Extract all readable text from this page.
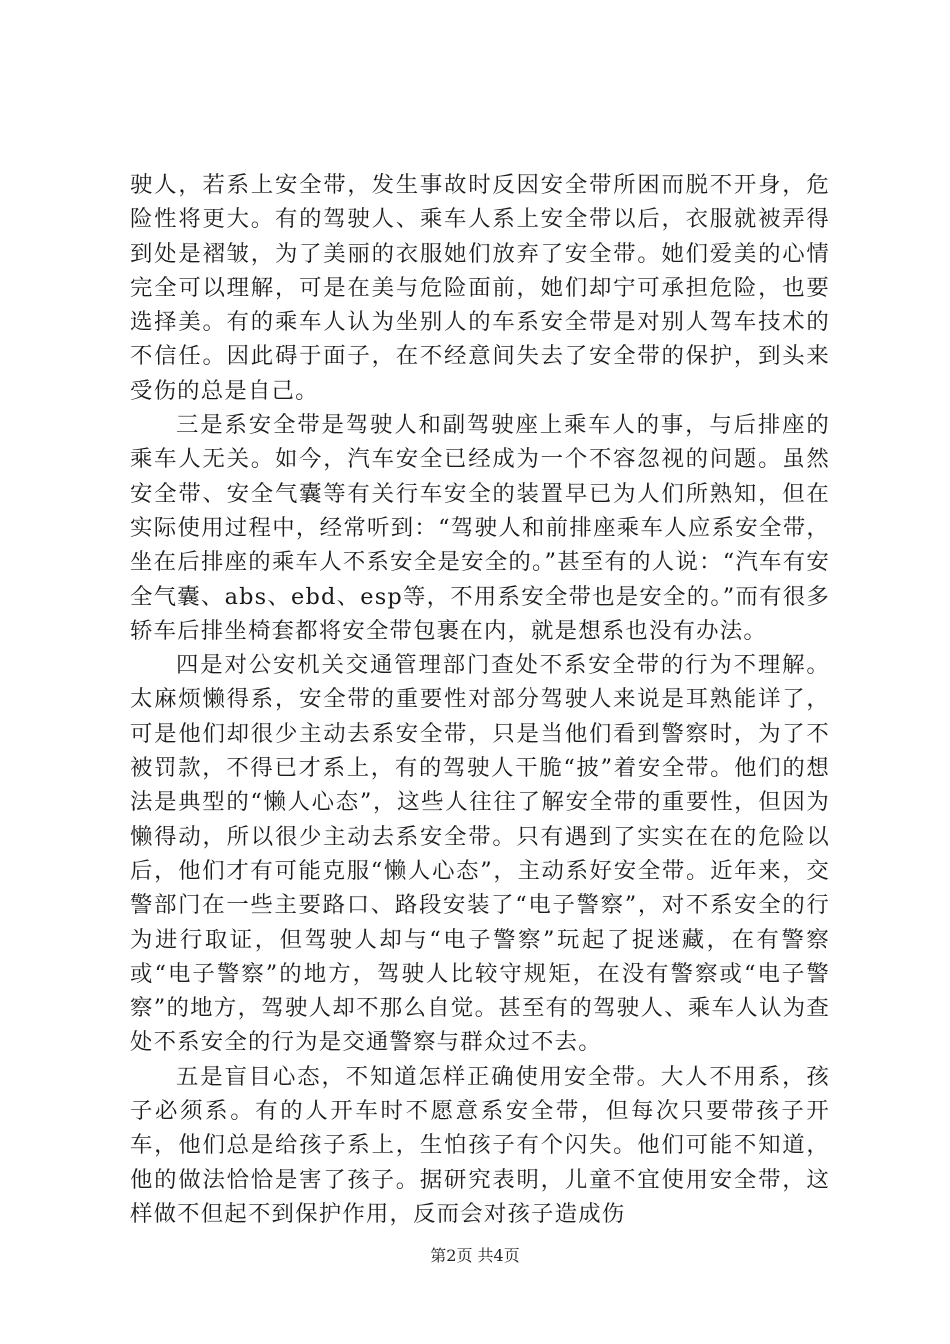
驶人，若系上安全带，发生事故时反因安全带所困而脱不开身，危险性将更大。有的驾驶人、乘车人系上安全带以后，衣服就被弄得到处是褶皱，为了美丽的衣服她们放弃了安全带。她们爱美的心情完全可以理解，可是在美与危险面前，她们却宁可承担危险，也要选择美。有的乘车人认为坐别人的车系安全带是对别人驾车技术的不信任。因此碍于面子，在不经意间失去了安全带的保护，到头来受伤的总是自己。

三是系安全带是驾驶人和副驾驶座上乘车人的事，与后排座的乘车人无关。如今，汽车安全已经成为一个不容忽视的问题。虽然安全带、安全气囊等有关行车安全的装置早已为人们所熟知，但在实际使用过程中，经常听到：“驾驶人和前排座乘车人应系安全带，坐在后排座的乘车人不系安全是安全的。”甚至有的人说：“汽车有安全气囊、abs、ebd、esp等，不用系安全带也是安全的。”而有很多轿车后排坐椅套都将安全带包裹在内，就是想系也没有办法。

四是对公安机关交通管理部门查处不系安全带的行为不理解。太麻烦懒得系，安全带的重要性对部分驾驶人来说是耳熟能详了，可是他们却很少主动去系安全带，只是当他们看到警察时，为了不被罚款，不得已才系上，有的驾驶人干脆“披”着安全带。他们的想法是典型的“懒人心态”，这些人往往了解安全带的重要性，但因为懒得动，所以很少主动去系安全带。只有遇到了实实在在的危险以后，他们才有可能克服“懒人心态”，主动系好安全带。近年来，交警部门在一些主要路口、路段安装了“电子警察”，对不系安全的行为进行取证，但驾驶人却与“电子警察”玩起了捉迷藏，在有警察或“电子警察”的地方，驾驶人比较守规矩，在没有警察或“电子警察”的地方，驾驶人却不那么自觉。甚至有的驾驶人、乘车人认为查处不系安全的行为是交通警察与群众过不去。

五是盲目心态，不知道怎样正确使用安全带。大人不用系，孩子必须系。有的人开车时不愿意系安全带，但每次只要带孩子开车，他们总是给孩子系上，生怕孩子有个闪失。他们可能不知道，他的做法恰恰是害了孩子。据研究表明，儿童不宜使用安全带，这样做不但起不到保护作用，反而会对孩子造成伤

第2页 共4页
